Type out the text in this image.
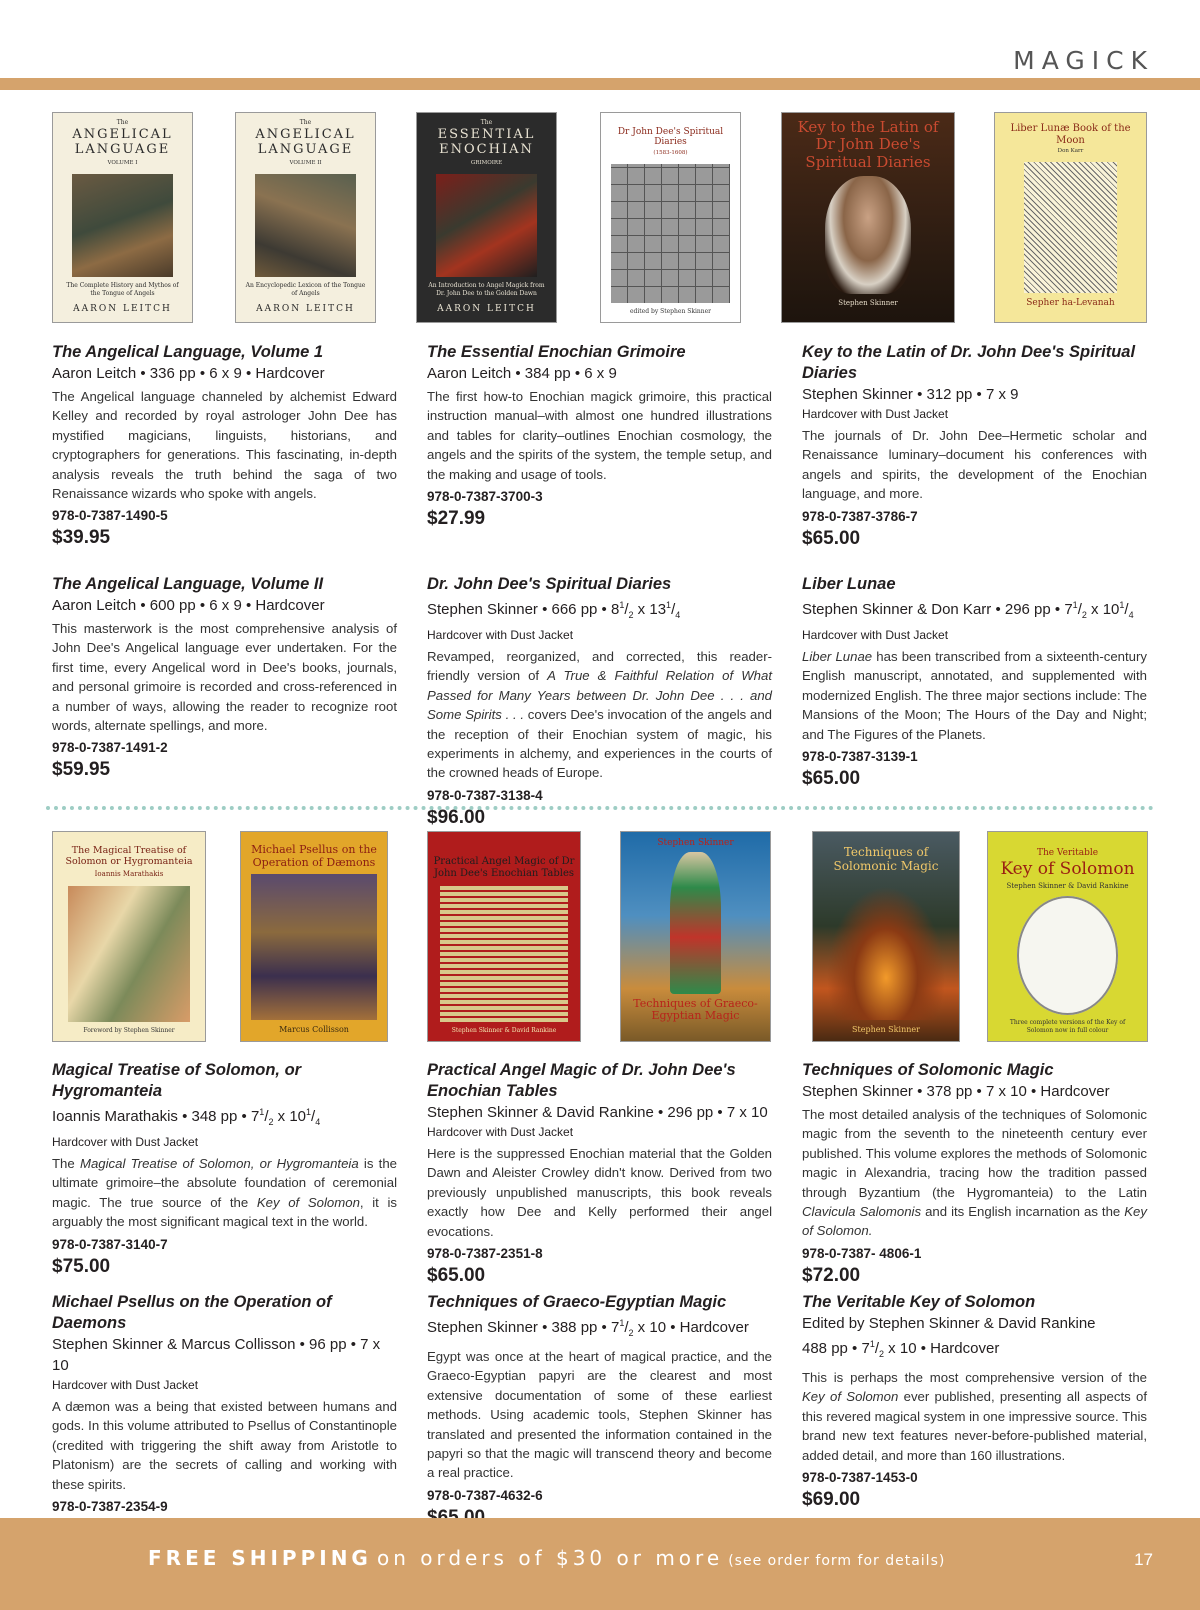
MAGICK
The
ANGELICAL LANGUAGE
VOLUME I
The Complete History and Mythos of the Tongue of Angels
AARON LEITCH
The
ANGELICAL LANGUAGE
VOLUME II
An Encyclopedic Lexicon of the Tongue of Angels
AARON LEITCH
The
ESSENTIAL ENOCHIAN
GRIMOIRE
An Introduction to Angel Magick from Dr. John Dee to the Golden Dawn
AARON LEITCH
Dr John Dee's Spiritual Diaries
(1583-1608)
edited by Stephen Skinner
Key to the Latin of Dr John Dee's Spiritual Diaries
Stephen Skinner
Liber Lunæ Book of the Moon
Don Karr
Sepher ha-Levanah
The Angelical Language, Volume 1
Aaron Leitch • 336 pp • 6 x 9 • Hardcover
The Angelical language channeled by alchemist Edward Kelley and recorded by royal astrologer John Dee has mystified magicians, linguists, historians, and cryptographers for generations. This fascinating, in-depth analysis reveals the truth behind the saga of two Renaissance wizards who spoke with angels.
978-0-7387-1490-5
$39.95
The Essential Enochian Grimoire
Aaron Leitch • 384 pp • 6 x 9
The first how-to Enochian magick grimoire, this practical instruction manual–with almost one hundred illustrations and tables for clarity–outlines Enochian cosmology, the angels and the spirits of the system, the temple setup, and the making and usage of tools.
978-0-7387-3700-3
$27.99
Key to the Latin of Dr. John Dee's Spiritual Diaries
Stephen Skinner • 312 pp • 7 x 9
Hardcover with Dust Jacket
The journals of Dr. John Dee–Hermetic scholar and Renaissance luminary–document his conferences with angels and spirits, the development of the Enochian language, and more.
978-0-7387-3786-7
$65.00
The Angelical Language, Volume II
Aaron Leitch • 600 pp • 6 x 9 • Hardcover
This masterwork is the most comprehensive analysis of John Dee's Angelical language ever undertaken. For the first time, every Angelical word in Dee's books, journals, and personal grimoire is recorded and cross-referenced in a number of ways, allowing the reader to recognize root words, alternate spellings, and more.
978-0-7387-1491-2
$59.95
Dr. John Dee's Spiritual Diaries
Stephen Skinner • 666 pp • $8^1/_2$ x $13^1/_4$
Hardcover with Dust Jacket
Revamped, reorganized, and corrected, this reader-friendly version of A True & Faithful Relation of What Passed for Many Years between Dr. John Dee . . . and Some Spirits . . . covers Dee's invocation of the angels and the reception of their Enochian system of magic, his experiments in alchemy, and experiences in the courts of the crowned heads of Europe.
978-0-7387-3138-4
$96.00
Liber Lunae
Stephen Skinner & Don Karr • 296 pp • $7^1/_2$ x $10^1/_4$
Hardcover with Dust Jacket
Liber Lunae has been transcribed from a sixteenth-century English manuscript, annotated, and supplemented with modernized English. The three major sections include: The Mansions of the Moon; The Hours of the Day and Night; and The Figures of the Planets.
978-0-7387-3139-1
$65.00
The Magical Treatise of Solomon or Hygromanteia
Ioannis Marathakis
Foreword by Stephen Skinner
Michael Psellus on the Operation of Dæmons
Marcus Collisson
Practical Angel Magic of Dr John Dee's Enochian Tables
Stephen Skinner & David Rankine
Stephen Skinner
Techniques of Graeco-Egyptian Magic
Techniques of Solomonic Magic
Stephen Skinner
The Veritable
Key of Solomon
Stephen Skinner & David Rankine
Three complete versions of the Key of Solomon now in full colour
Magical Treatise of Solomon, or Hygromanteia
Ioannis Marathakis • 348 pp • $7^1/_2$ x $10^1/_4$
Hardcover with Dust Jacket
The Magical Treatise of Solomon, or Hygromanteia is the ultimate grimoire–the absolute foundation of ceremonial magic. The true source of the Key of Solomon, it is arguably the most significant magical text in the world.
978-0-7387-3140-7
$75.00
Practical Angel Magic of Dr. John Dee's Enochian Tables
Stephen Skinner & David Rankine • 296 pp • 7 x 10
Hardcover with Dust Jacket
Here is the suppressed Enochian material that the Golden Dawn and Aleister Crowley didn't know. Derived from two previously unpublished manuscripts, this book reveals exactly how Dee and Kelly performed their angel evocations.
978-0-7387-2351-8
$65.00
Techniques of Solomonic Magic
Stephen Skinner • 378 pp • 7 x 10 • Hardcover
The most detailed analysis of the techniques of Solomonic magic from the seventh to the nineteenth century ever published. This volume explores the methods of Solomonic magic in Alexandria, tracing how the tradition passed through Byzantium (the Hygromanteia) to the Latin Clavicula Salomonis and its English incarnation as the Key of Solomon.
978-0-7387- 4806-1
$72.00
Michael Psellus on the Operation of Daemons
Stephen Skinner & Marcus Collisson • 96 pp • 7 x 10
Hardcover with Dust Jacket
A dæmon was a being that existed between humans and gods. In this volume attributed to Psellus of Constantinople (credited with triggering the shift away from Aristotle to Platonism) are the secrets of calling and working with these spirits.
978-0-7387-2354-9
Techniques of Graeco-Egyptian Magic
Stephen Skinner • 388 pp • $7^1/_2$ x 10 • Hardcover
Egypt was once at the heart of magical practice, and the Graeco-Egyptian papyri are the clearest and most extensive documentation of some of these earliest methods. Using academic tools, Stephen Skinner has translated and presented the information contained in the papyri so that the magic will transcend theory and become a real practice.
978-0-7387-4632-6
The Veritable Key of Solomon
Edited by Stephen Skinner & David Rankine
488 pp • $7^1/_2$ x 10 • Hardcover
This is perhaps the most comprehensive version of the Key of Solomon ever published, presenting all aspects of this revered magical system in one impressive source. This brand new text features never-before-published material, added detail, and more than 160 illustrations.
978-0-7387-1453-0
$69.00
FREE SHIPPING on orders of $30 or more (see order form for details)	17
